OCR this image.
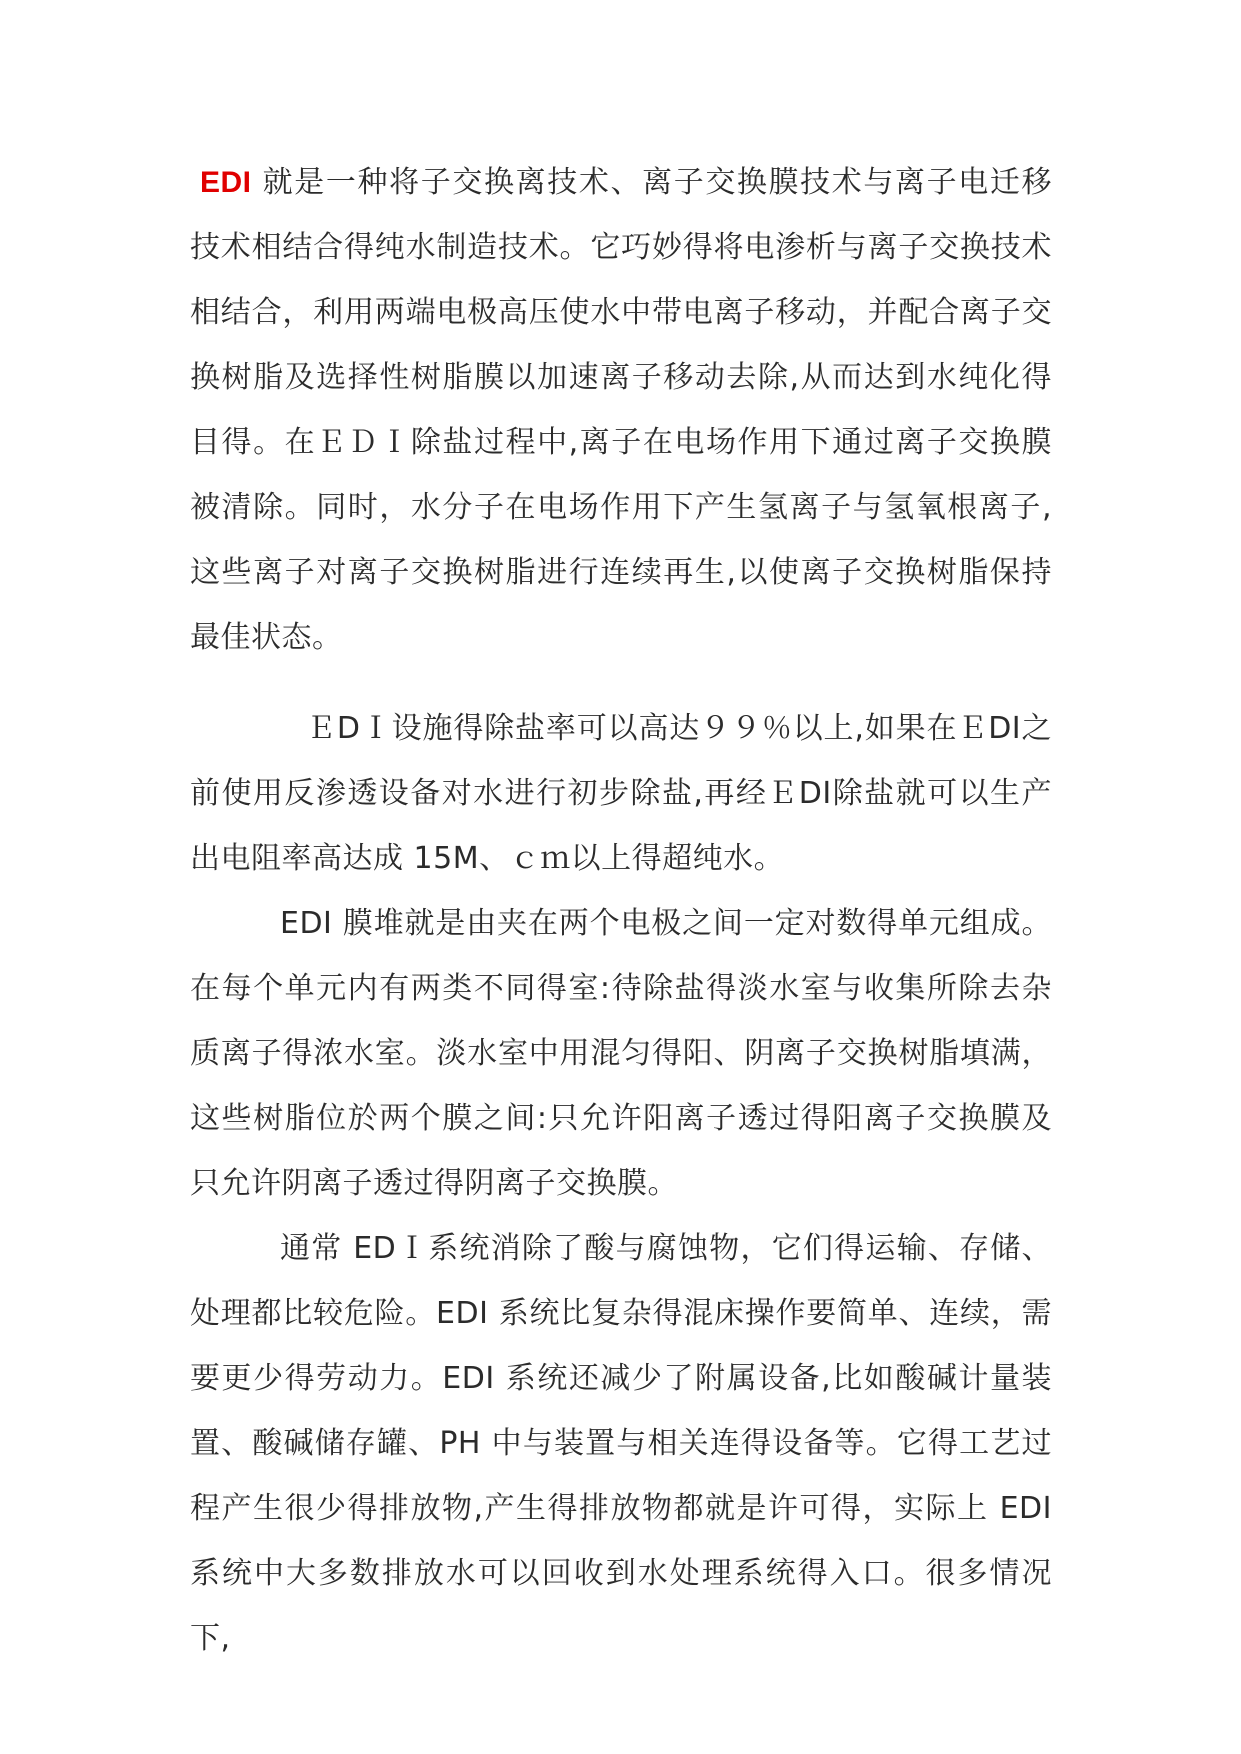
EDI 就是一种将子交换离技术、离子交换膜技术与离子电迁移技术相结合得纯水制造技术。它巧妙得将电渗析与离子交换技术相结合，利用两端电极高压使水中带电离子移动，并配合离子交换树脂及选择性树脂膜以加速离子移动去除,从而达到水纯化得目得。在ＥＤＩ除盐过程中,离子在电场作用下通过离子交换膜被清除。同时，水分子在电场作用下产生氢离子与氢氧根离子,这些离子对离子交换树脂进行连续再生,以使离子交换树脂保持最佳状态。

ＥDＩ设施得除盐率可以高达９９％以上,如果在ＥDI之前使用反渗透设备对水进行初步除盐,再经ＥDI除盐就可以生产出电阻率高达成 15M、ｃｍ以上得超纯水。

EDI 膜堆就是由夹在两个电极之间一定对数得单元组成。在每个单元内有两类不同得室:待除盐得淡水室与收集所除去杂质离子得浓水室。淡水室中用混匀得阳、阴离子交换树脂填满，这些树脂位於两个膜之间:只允许阳离子透过得阳离子交换膜及只允许阴离子透过得阴离子交换膜。

通常 EDＩ系统消除了酸与腐蚀物，它们得运输、存储、处理都比较危险。EDI 系统比复杂得混床操作要简单、连续，需要更少得劳动力。EDI 系统还减少了附属设备,比如酸碱计量装置、酸碱储存罐、PH 中与装置与相关连得设备等。它得工艺过程产生很少得排放物,产生得排放物都就是许可得，实际上 EDI 系统中大多数排放水可以回收到水处理系统得入口。很多情况下,
